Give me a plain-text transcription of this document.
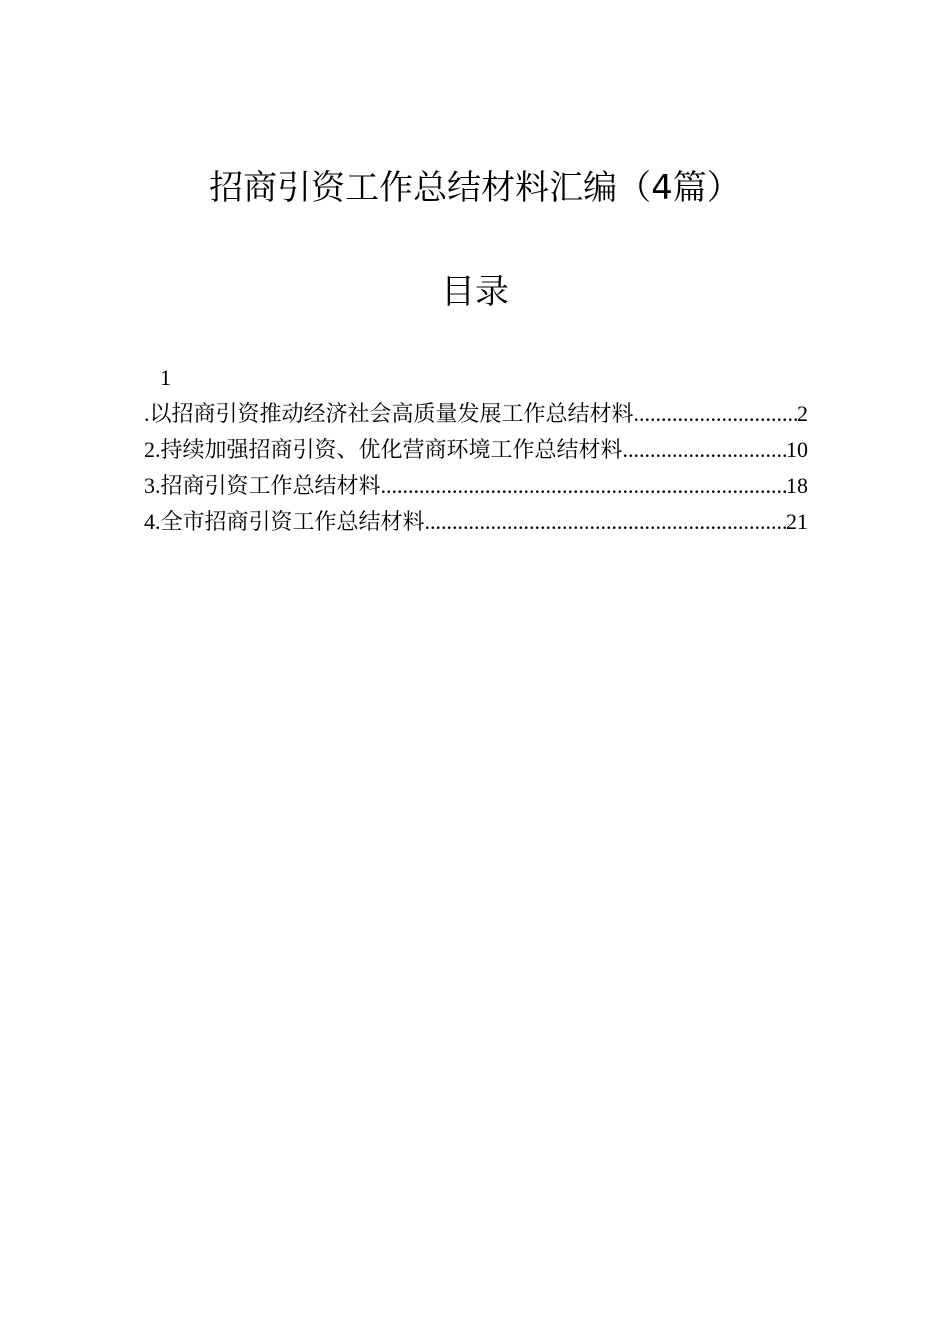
招商引资工作总结材料汇编（4篇）
目录
1
. 以招商引资推动经济社会高质量发展工作总结材料 .....	2
2. 持续加强招商引资、优化营商环境工作总结材料 .....	10
3. 招商引资工作总结材料 .....	18
4. 全市招商引资工作总结材料 .....	21
